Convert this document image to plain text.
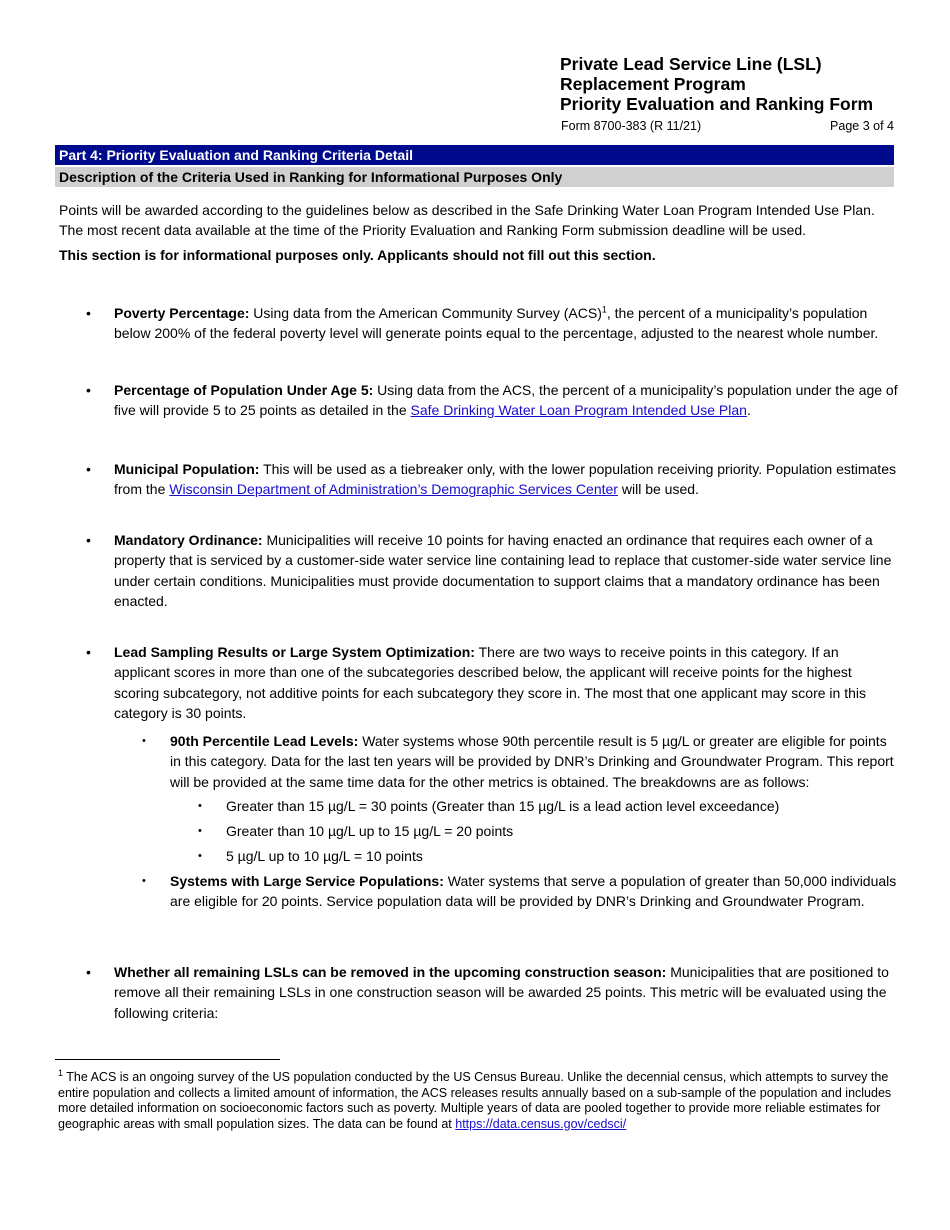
Private Lead Service Line (LSL)
Replacement Program
Priority Evaluation and Ranking Form
Form 8700-383 (R 11/21)	Page 3 of 4
Part 4: Priority Evaluation and Ranking Criteria Detail
Description of the Criteria Used in Ranking for Informational Purposes Only
Points will be awarded according to the guidelines below as described in the Safe Drinking Water Loan Program Intended Use Plan. The most recent data available at the time of the Priority Evaluation and Ranking Form submission deadline will be used.
This section is for informational purposes only. Applicants should not fill out this section.
• Poverty Percentage: Using data from the American Community Survey (ACS)$^1$, the percent of a municipality’s population below 200% of the federal poverty level will generate points equal to the percentage, adjusted to the nearest whole number.
• Percentage of Population Under Age 5: Using data from the ACS, the percent of a municipality’s population under the age of five will provide 5 to 25 points as detailed in the Safe Drinking Water Loan Program Intended Use Plan.
• Municipal Population: This will be used as a tiebreaker only, with the lower population receiving priority. Population estimates from the Wisconsin Department of Administration’s Demographic Services Center will be used.
• Mandatory Ordinance: Municipalities will receive 10 points for having enacted an ordinance that requires each owner of a property that is serviced by a customer-side water service line containing lead to replace that customer-side water service line under certain conditions. Municipalities must provide documentation to support claims that a mandatory ordinance has been enacted.
• Lead Sampling Results or Large System Optimization: There are two ways to receive points in this category. If an applicant scores in more than one of the subcategories described below, the applicant will receive points for the highest scoring subcategory, not additive points for each subcategory they score in. The most that one applicant may score in this category is 30 points.
• 90th Percentile Lead Levels: Water systems whose 90th percentile result is 5 µg/L or greater are eligible for points in this category. Data for the last ten years will be provided by DNR’s Drinking and Groundwater Program. This report will be provided at the same time data for the other metrics is obtained. The breakdowns are as follows:
• Greater than 15 µg/L = 30 points (Greater than 15 µg/L is a lead action level exceedance)
• Greater than 10 µg/L up to 15 µg/L = 20 points
• 5 µg/L up to 10 µg/L = 10 points
• Systems with Large Service Populations: Water systems that serve a population of greater than 50,000 individuals are eligible for 20 points. Service population data will be provided by DNR’s Drinking and Groundwater Program.
• Whether all remaining LSLs can be removed in the upcoming construction season: Municipalities that are positioned to remove all their remaining LSLs in one construction season will be awarded 25 points. This metric will be evaluated using the following criteria:
$^1$ The ACS is an ongoing survey of the US population conducted by the US Census Bureau. Unlike the decennial census, which attempts to survey the entire population and collects a limited amount of information, the ACS releases results annually based on a sub-sample of the population and includes more detailed information on socioeconomic factors such as poverty. Multiple years of data are pooled together to provide more reliable estimates for geographic areas with small population sizes. The data can be found at https://data.census.gov/cedsci/
